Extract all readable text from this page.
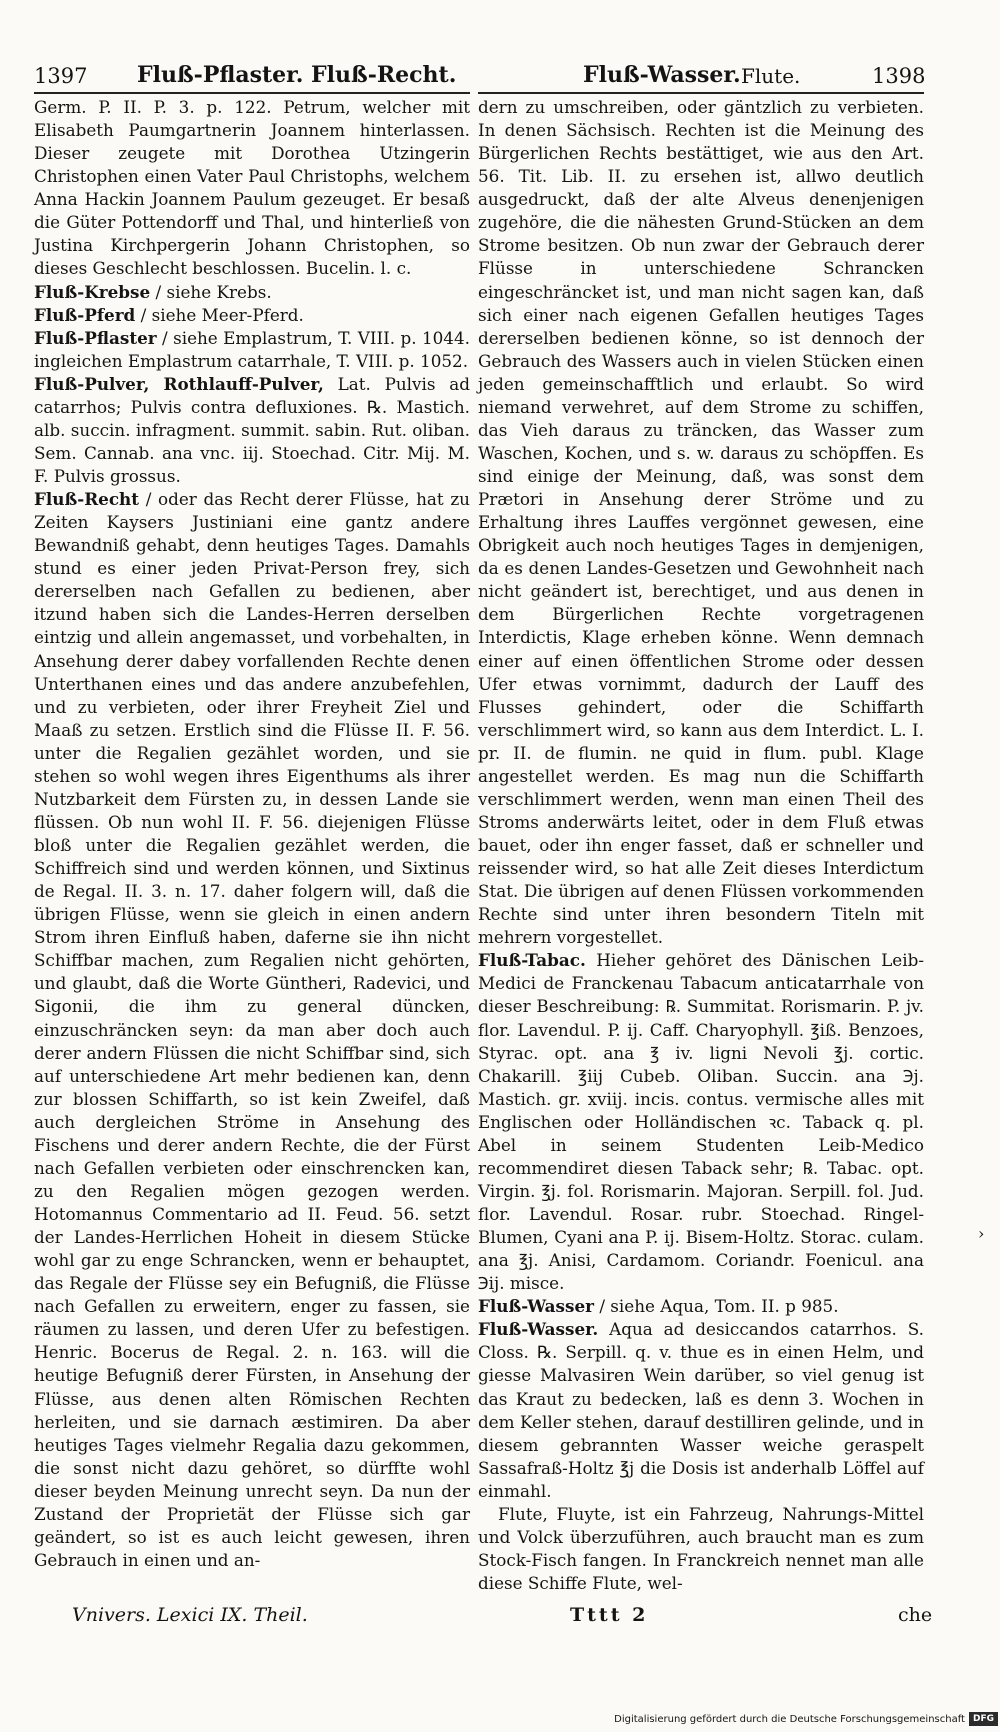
1397 Fluß-Pflaster. Fluß-Recht.	Fluß-Wasser. Flute.	1398

Germ. P. II. P. 3. p. 122. Petrum, welcher mit Elisabeth Paumgartnerin Joannem hinterlassen. Dieser zeugete mit Dorothea Utzingerin Christophen einen Vater Paul Christophs, welchem Anna Hackin Joannem Paulum gezeuget. Er besaß die Güter Pottendorff und Thal, und hinterließ von Justina Kirchpergerin Johann Christophen, so dieses Geschlecht beschlossen. Bucelin. l. c.

Fluß-Krebse / siehe Krebs.

Fluß-Pferd / siehe Meer-Pferd.

Fluß-Pflaster / siehe Emplastrum, T. VIII. p. 1044. ingleichen Emplastrum catarrhale, T. VIII. p. 1052.

Fluß-Pulver, Rothlauff-Pulver, Lat. Pulvis ad catarrhos; Pulvis contra defluxiones. ℞. Mastich. alb. succin. infragment. summit. sabin. Rut. oliban. Sem. Cannab. ana vnc. iij. Stoechad. Citr. Mij. M. F. Pulvis grossus.

Fluß-Recht / oder das Recht derer Flüsse, hat zu Zeiten Kaysers Justiniani eine gantz andere Bewandniß gehabt, denn heutiges Tages. Damahls stund es einer jeden Privat-Person frey, sich dererselben nach Gefallen zu bedienen, aber itzund haben sich die Landes-Herren derselben eintzig und allein angemasset, und vorbehalten, in Ansehung derer dabey vorfallenden Rechte denen Unterthanen eines und das andere anzubefehlen, und zu verbieten, oder ihrer Freyheit Ziel und Maaß zu setzen. Erstlich sind die Flüsse II. F. 56. unter die Regalien gezählet worden, und sie stehen so wohl wegen ihres Eigenthums als ihrer Nutzbarkeit dem Fürsten zu, in dessen Lande sie flüssen. Ob nun wohl II. F. 56. diejenigen Flüsse bloß unter die Regalien gezählet werden, die Schiffreich sind und werden können, und Sixtinus de Regal. II. 3. n. 17. daher folgern will, daß die übrigen Flüsse, wenn sie gleich in einen andern Strom ihren Einfluß haben, daferne sie ihn nicht Schiffbar machen, zum Regalien nicht gehörten, und glaubt, daß die Worte Güntheri, Radevici, und Sigonii, die ihm zu general düncken, einzuschräncken seyn: da man aber doch auch derer andern Flüssen die nicht Schiffbar sind, sich auf unterschiedene Art mehr bedienen kan, denn zur blossen Schiffarth, so ist kein Zweifel, daß auch dergleichen Ströme in Ansehung des Fischens und derer andern Rechte, die der Fürst nach Gefallen verbieten oder einschrencken kan, zu den Regalien mögen gezogen werden. Hotomannus Commentario ad II. Feud. 56. setzt der Landes-Herrlichen Hoheit in diesem Stücke wohl gar zu enge Schrancken, wenn er behauptet, das Regale der Flüsse sey ein Befugniß, die Flüsse nach Gefallen zu erweitern, enger zu fassen, sie räumen zu lassen, und deren Ufer zu befestigen. Henric. Bocerus de Regal. 2. n. 163. will die heutige Befugniß derer Fürsten, in Ansehung der Flüsse, aus denen alten Römischen Rechten herleiten, und sie darnach æstimiren. Da aber heutiges Tages vielmehr Regalia dazu gekommen, die sonst nicht dazu gehöret, so dürffte wohl dieser beyden Meinung unrecht seyn. Da nun der Zustand der Proprietät der Flüsse sich gar geändert, so ist es auch leicht gewesen, ihren Gebrauch in einen und an-

dern zu umschreiben, oder gäntzlich zu verbieten. In denen Sächsisch. Rechten ist die Meinung des Bürgerlichen Rechts bestättiget, wie aus den Art. 56. Tit. Lib. II. zu ersehen ist, allwo deutlich ausgedruckt, daß der alte Alveus denenjenigen zugehöre, die die nähesten Grund-Stücken an dem Strome besitzen. Ob nun zwar der Gebrauch derer Flüsse in unterschiedene Schrancken eingeschräncket ist, und man nicht sagen kan, daß sich einer nach eigenen Gefallen heutiges Tages dererselben bedienen könne, so ist dennoch der Gebrauch des Wassers auch in vielen Stücken einen jeden gemeinschafftlich und erlaubt. So wird niemand verwehret, auf dem Strome zu schiffen, das Vieh daraus zu träncken, das Wasser zum Waschen, Kochen, und s. w. daraus zu schöpffen. Es sind einige der Meinung, daß, was sonst dem Prætori in Ansehung derer Ströme und zu Erhaltung ihres Lauffes vergönnet gewesen, eine Obrigkeit auch noch heutiges Tages in demjenigen, da es denen Landes-Gesetzen und Gewohnheit nach nicht geändert ist, berechtiget, und aus denen in dem Bürgerlichen Rechte vorgetragenen Interdictis, Klage erheben könne. Wenn demnach einer auf einen öffentlichen Strome oder dessen Ufer etwas vornimmt, dadurch der Lauff des Flusses gehindert, oder die Schiffarth verschlimmert wird, so kann aus dem Interdict. L. I. pr. II. de flumin. ne quid in flum. publ. Klage angestellet werden. Es mag nun die Schiffarth verschlimmert werden, wenn man einen Theil des Stroms anderwärts leitet, oder in dem Fluß etwas bauet, oder ihn enger fasset, daß er schneller und reissender wird, so hat alle Zeit dieses Interdictum Stat. Die übrigen auf denen Flüssen vorkommenden Rechte sind unter ihren besondern Titeln mit mehrern vorgestellet.

Fluß-Tabac. Hieher gehöret des Dänischen Leib-Medici de Franckenau Tabacum anticatarrhale von dieser Beschreibung: ℞. Summitat. Rorismarin. P. jv. flor. Lavendul. P. ij. Caff. Charyophyll. ℥iß. Benzoes, Styrac. opt. ana ℥ iv. ligni Nevoli ℥j. cortic. Chakarill. ℥iij Cubeb. Oliban. Succin. ana ℈j. Mastich. gr. xviij. incis. contus. vermische alles mit Englischen oder Holländischen ꝛc. Taback q. pl. Abel in seinem Studenten Leib-Medico recommendiret diesen Taback sehr; ℞. Tabac. opt. Virgin. ℥j. fol. Rorismarin. Majoran. Serpill. fol. Jud. flor. Lavendul. Rosar. rubr. Stoechad. Ringel-Blumen, Cyani ana P. ij. Bisem-Holtz. Storac. culam. ana ℥j. Anisi, Cardamom. Coriandr. Foenicul. ana ℈ij. misce.

Fluß-Wasser / siehe Aqua, Tom. II. p 985.

Fluß-Wasser. Aqua ad desiccandos catarrhos. S. Closs. ℞. Serpill. q. v. thue es in einen Helm, und giesse Malvasiren Wein darüber, so viel genug ist das Kraut zu bedecken, laß es denn 3. Wochen in dem Keller stehen, darauf destilliren gelinde, und in diesem gebrannten Wasser weiche geraspelt Sassafraß-Holtz ℥j die Dosis ist anderhalb Löffel auf einmahl.

Flute, Fluyte, ist ein Fahrzeug, Nahrungs-Mittel und Volck überzuführen, auch braucht man es zum Stock-Fisch fangen. In Franckreich nennet man alle diese Schiffe Flute, wel-

Vnivers. Lexici IX. Theil.	Tttt 2	che
›
Digitalisierung gefördert durch die Deutsche Forschungsgemeinschaft DFG
